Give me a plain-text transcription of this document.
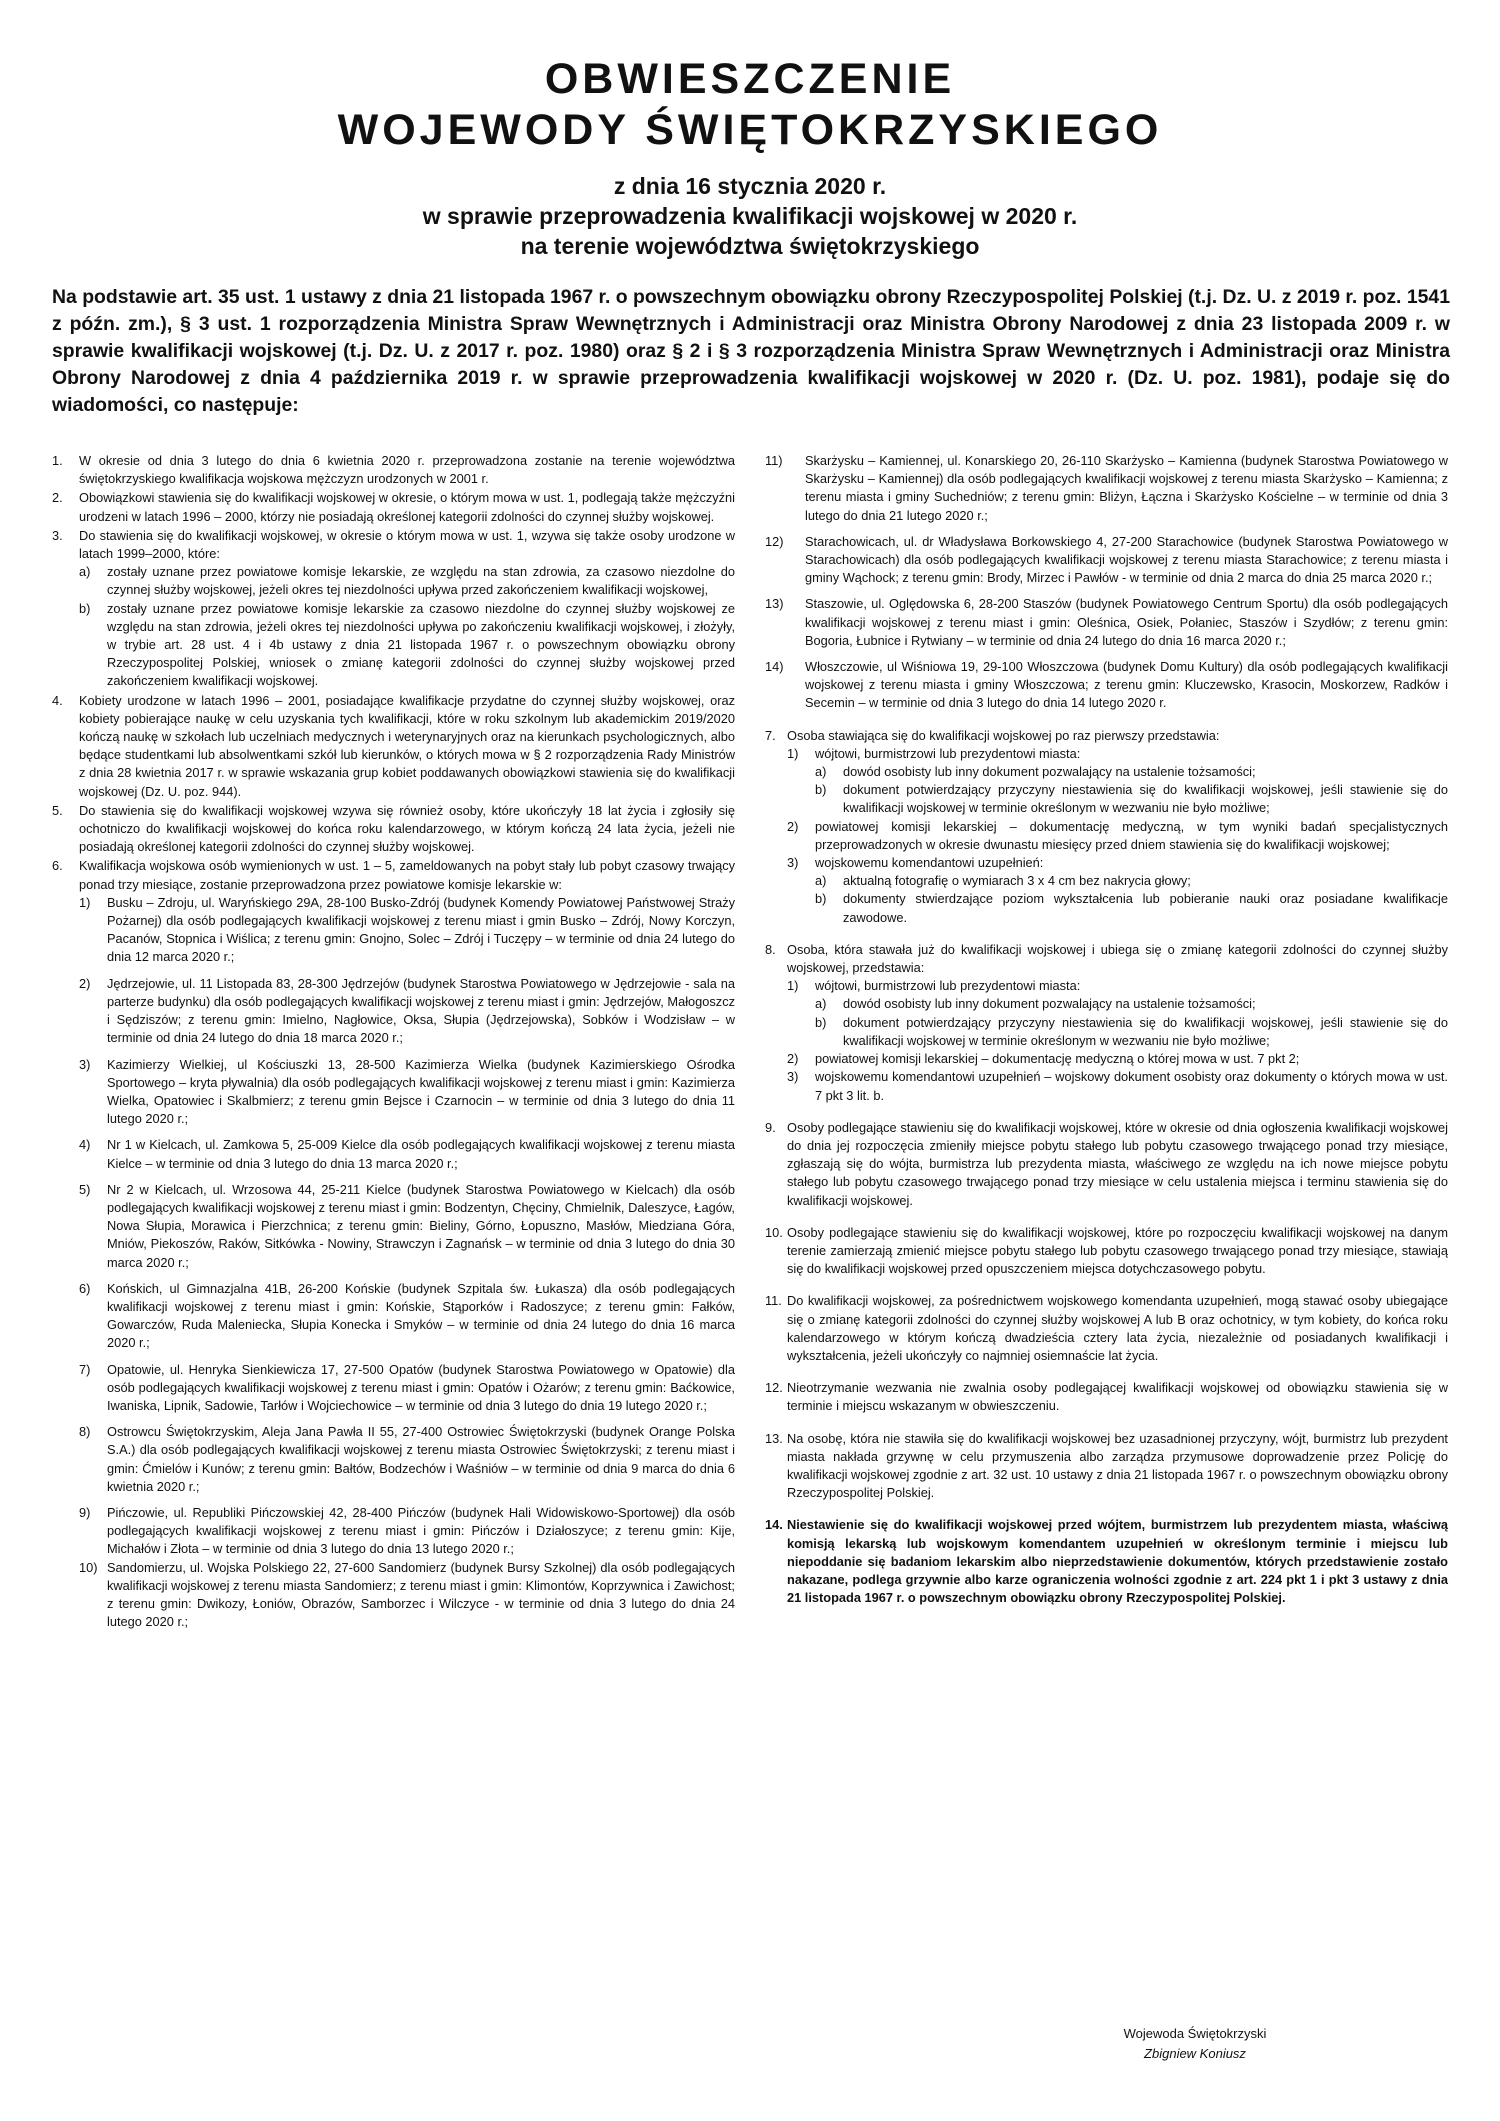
OBWIESZCZENIE
WOJEWODY ŚWIĘTOKRZYSKIEGO

z dnia 16 stycznia 2020 r.

w sprawie przeprowadzenia kwalifikacji wojskowej w 2020 r.

na terenie województwa świętokrzyskiego

Na podstawie art. 35 ust. 1 ustawy z dnia 21 listopada 1967 r. o powszechnym obowiązku obrony Rzeczypospolitej Polskiej (t.j. Dz. U. z 2019 r. poz. 1541 z późn. zm.), § 3 ust. 1 rozporządzenia Ministra Spraw Wewnętrznych i Administracji oraz Ministra Obrony Narodowej z dnia 23 listopada 2009 r. w sprawie kwalifikacji wojskowej (t.j. Dz. U. z 2017 r. poz. 1980) oraz § 2 i § 3 rozporządzenia Ministra Spraw Wewnętrznych i Administracji oraz Ministra Obrony Narodowej z dnia 4 października 2019 r. w sprawie przeprowadzenia kwalifikacji wojskowej w 2020 r. (Dz. U. poz. 1981), podaje się do wiadomości, co następuje:

1. W okresie od dnia 3 lutego do dnia 6 kwietnia 2020 r. przeprowadzona zostanie na terenie województwa świętokrzyskiego kwalifikacja wojskowa mężczyzn urodzonych w 2001 r.
2. Obowiązkowi stawienia się do kwalifikacji wojskowej w okresie, o którym mowa w ust. 1, podlegają także mężczyźni urodzeni w latach 1996 – 2000, którzy nie posiadają określonej kategorii zdolności do czynnej służby wojskowej.
3. Do stawienia się do kwalifikacji wojskowej, w okresie o którym mowa w ust. 1, wzywa się także osoby urodzone w latach 1999–2000, które:
a) zostały uznane przez powiatowe komisje lekarskie, ze względu na stan zdrowia, za czasowo niezdolne do czynnej służby wojskowej, jeżeli okres tej niezdolności upływa przed zakończeniem kwalifikacji wojskowej,
b) zostały uznane przez powiatowe komisje lekarskie za czasowo niezdolne do czynnej służby wojskowej ze względu na stan zdrowia, jeżeli okres tej niezdolności upływa po zakończeniu kwalifikacji wojskowej, i złożyły, w trybie art. 28 ust. 4 i 4b ustawy z dnia 21 listopada 1967 r. o powszechnym obowiązku obrony Rzeczypospolitej Polskiej, wniosek o zmianę kategorii zdolności do czynnej służby wojskowej przed zakończeniem kwalifikacji wojskowej.
4. Kobiety urodzone w latach 1996 – 2001, posiadające kwalifikacje przydatne do czynnej służby wojskowej, oraz kobiety pobierające naukę w celu uzyskania tych kwalifikacji, które w roku szkolnym lub akademickim 2019/2020 kończą naukę w szkołach lub uczelniach medycznych i weterynaryjnych oraz na kierunkach psychologicznych, albo będące studentkami lub absolwentkami szkół lub kierunków, o których mowa w § 2 rozporządzenia Rady Ministrów z dnia 28 kwietnia 2017 r. w sprawie wskazania grup kobiet poddawanych obowiązkowi stawienia się do kwalifikacji wojskowej (Dz. U. poz. 944).
5. Do stawienia się do kwalifikacji wojskowej wzywa się również osoby, które ukończyły 18 lat życia i zgłosiły się ochotniczo do kwalifikacji wojskowej do końca roku kalendarzowego, w którym kończą 24 lata życia, jeżeli nie posiadają określonej kategorii zdolności do czynnej służby wojskowej.
6. Kwalifikacja wojskowa osób wymienionych w ust. 1 – 5, zameldowanych na pobyt stały lub pobyt czasowy trwający ponad trzy miesiące, zostanie przeprowadzona przez powiatowe komisje lekarskie w:
1) Busku – Zdroju, ul. Waryńskiego 29A, 28-100 Busko-Zdrój (budynek Komendy Powiatowej Państwowej Straży Pożarnej) dla osób podlegających kwalifikacji wojskowej z terenu miast i gmin Busko – Zdrój, Nowy Korczyn, Pacanów, Stopnica i Wiślica; z terenu gmin: Gnojno, Solec – Zdrój i Tuczępy – w terminie od dnia 24 lutego do dnia 12 marca 2020 r.;
2) Jędrzejowie, ul. 11 Listopada 83, 28-300 Jędrzejów (budynek Starostwa Powiatowego w Jędrzejowie - sala na parterze budynku) dla osób podlegających kwalifikacji wojskowej z terenu miast i gmin: Jędrzejów, Małogoszcz i Sędziszów; z terenu gmin: Imielno, Nagłowice, Oksa, Słupia (Jędrzejowska), Sobków i Wodzisław – w terminie od dnia 24 lutego do dnia 18 marca 2020 r.;
3) Kazimierzy Wielkiej, ul Kościuszki 13, 28-500 Kazimierza Wielka (budynek Kazimierskiego Ośrodka Sportowego – kryta pływalnia) dla osób podlegających kwalifikacji wojskowej z terenu miast i gmin: Kazimierza Wielka, Opatowiec i Skalbmierz; z terenu gmin Bejsce i Czarnocin – w terminie od dnia 3 lutego do dnia 11 lutego 2020 r.;
4) Nr 1 w Kielcach, ul. Zamkowa 5, 25-009 Kielce dla osób podlegających kwalifikacji wojskowej z terenu miasta Kielce – w terminie od dnia 3 lutego do dnia 13 marca 2020 r.;
5) Nr 2 w Kielcach, ul. Wrzosowa 44, 25-211 Kielce (budynek Starostwa Powiatowego w Kielcach) dla osób podlegających kwalifikacji wojskowej z terenu miast i gmin: Bodzentyn, Chęciny, Chmielnik, Daleszyce, Łagów, Nowa Słupia, Morawica i Pierzchnica; z terenu gmin: Bieliny, Górno, Łopuszno, Masłów, Miedziana Góra, Mniów, Piekoszów, Raków, Sitkówka - Nowiny, Strawczyn i Zagnańsk – w terminie od dnia 3 lutego do dnia 30 marca 2020 r.;
6) Końskich, ul Gimnazjalna 41B, 26-200 Końskie (budynek Szpitala św. Łukasza) dla osób podlegających kwalifikacji wojskowej z terenu miast i gmin: Końskie, Stąporków i Radoszyce; z terenu gmin: Fałków, Gowarczów, Ruda Maleniecka, Słupia Konecka i Smyków – w terminie od dnia 24 lutego do dnia 16 marca 2020 r.;
7) Opatowie, ul. Henryka Sienkiewicza 17, 27-500 Opatów (budynek Starostwa Powiatowego w Opatowie) dla osób podlegających kwalifikacji wojskowej z terenu miast i gmin: Opatów i Ożarów; z terenu gmin: Baćkowice, Iwaniska, Lipnik, Sadowie, Tarłów i Wojciechowice – w terminie od dnia 3 lutego do dnia 19 lutego 2020 r.;
8) Ostrowcu Świętokrzyskim, Aleja Jana Pawła II 55, 27-400 Ostrowiec Świętokrzyski (budynek Orange Polska S.A.) dla osób podlegających kwalifikacji wojskowej z terenu miasta Ostrowiec Świętokrzyski; z terenu miast i gmin: Ćmielów i Kunów; z terenu gmin: Bałtów, Bodzechów i Waśniów – w terminie od dnia 9 marca do dnia 6 kwietnia 2020 r.;
9) Pińczowie, ul. Republiki Pińczowskiej 42, 28-400 Pińczów (budynek Hali Widowiskowo-Sportowej) dla osób podlegających kwalifikacji wojskowej z terenu miast i gmin: Pińczów i Działoszyce; z terenu gmin: Kije, Michałów i Złota – w terminie od dnia 3 lutego do dnia 13 lutego 2020 r.;
10) Sandomierzu, ul. Wojska Polskiego 22, 27-600 Sandomierz (budynek Bursy Szkolnej) dla osób podlegających kwalifikacji wojskowej z terenu miasta Sandomierz; z terenu miast i gmin: Klimontów, Koprzywnica i Zawichost; z terenu gmin: Dwikozy, Łoniów, Obrazów, Samborzec i Wilczyce - w terminie od dnia 3 lutego do dnia 24 lutego 2020 r.;
11) Skarżysku – Kamiennej, ul. Konarskiego 20, 26-110 Skarżysko – Kamienna (budynek Starostwa Powiatowego w Skarżysku – Kamiennej) dla osób podlegających kwalifikacji wojskowej z terenu miasta Skarżysko – Kamienna; z terenu miasta i gminy Suchedniów; z terenu gmin: Bliżyn, Łączna i Skarżysko Kościelne – w terminie od dnia 3 lutego do dnia 21 lutego 2020 r.;
12) Starachowicach, ul. dr Władysława Borkowskiego 4, 27-200 Starachowice (budynek Starostwa Powiatowego w Starachowicach) dla osób podlegających kwalifikacji wojskowej z terenu miasta Starachowice; z terenu miasta i gminy Wąchock; z terenu gmin: Brody, Mirzec i Pawłów - w terminie od dnia 2 marca do dnia 25 marca 2020 r.;
13) Staszowie, ul. Oględowska 6, 28-200 Staszów (budynek Powiatowego Centrum Sportu) dla osób podlegających kwalifikacji wojskowej z terenu miast i gmin: Oleśnica, Osiek, Połaniec, Staszów i Szydłów; z terenu gmin: Bogoria, Łubnice i Rytwiany – w terminie od dnia 24 lutego do dnia 16 marca 2020 r.;
14) Włoszczowie, ul Wiśniowa 19, 29-100 Włoszczowa (budynek Domu Kultury) dla osób podlegających kwalifikacji wojskowej z terenu miasta i gminy Włoszczowa; z terenu gmin: Kluczewsko, Krasocin, Moskorzew, Radków i Secemin – w terminie od dnia 3 lutego do dnia 14 lutego 2020 r.
7. Osoba stawiająca się do kwalifikacji wojskowej po raz pierwszy przedstawia:
1) wójtowi, burmistrzowi lub prezydentowi miasta:
a) dowód osobisty lub inny dokument pozwalający na ustalenie tożsamości;
b) dokument potwierdzający przyczyny niestawienia się do kwalifikacji wojskowej, jeśli stawienie się do kwalifikacji wojskowej w terminie określonym w wezwaniu nie było możliwe;
2) powiatowej komisji lekarskiej – dokumentację medyczną, w tym wyniki badań specjalistycznych przeprowadzonych w okresie dwunastu miesięcy przed dniem stawienia się do kwalifikacji wojskowej;
3) wojskowemu komendantowi uzupełnień:
a) aktualną fotografię o wymiarach 3 x 4 cm bez nakrycia głowy;
b) dokumenty stwierdzające poziom wykształcenia lub pobieranie nauki oraz posiadane kwalifikacje zawodowe.
8. Osoba, która stawała już do kwalifikacji wojskowej i ubiega się o zmianę kategorii zdolności do czynnej służby wojskowej, przedstawia:
1) wójtowi, burmistrzowi lub prezydentowi miasta:
a) dowód osobisty lub inny dokument pozwalający na ustalenie tożsamości;
b) dokument potwierdzający przyczyny niestawienia się do kwalifikacji wojskowej, jeśli stawienie się do kwalifikacji wojskowej w terminie określonym w wezwaniu nie było możliwe;
2) powiatowej komisji lekarskiej – dokumentację medyczną o której mowa w ust. 7 pkt 2;
3) wojskowemu komendantowi uzupełnień – wojskowy dokument osobisty oraz dokumenty o których mowa w ust. 7 pkt 3 lit. b.
9. Osoby podlegające stawieniu się do kwalifikacji wojskowej, które w okresie od dnia ogłoszenia kwalifikacji wojskowej do dnia jej rozpoczęcia zmieniły miejsce pobytu stałego lub pobytu czasowego trwającego ponad trzy miesiące, zgłaszają się do wójta, burmistrza lub prezydenta miasta, właściwego ze względu na ich nowe miejsce pobytu stałego lub pobytu czasowego trwającego ponad trzy miesiące w celu ustalenia miejsca i terminu stawienia się do kwalifikacji wojskowej.
10. Osoby podlegające stawieniu się do kwalifikacji wojskowej, które po rozpoczęciu kwalifikacji wojskowej na danym terenie zamierzają zmienić miejsce pobytu stałego lub pobytu czasowego trwającego ponad trzy miesiące, stawiają się do kwalifikacji wojskowej przed opuszczeniem miejsca dotychczasowego pobytu.
11. Do kwalifikacji wojskowej, za pośrednictwem wojskowego komendanta uzupełnień, mogą stawać osoby ubiegające się o zmianę kategorii zdolności do czynnej służby wojskowej A lub B oraz ochotnicy, w tym kobiety, do końca roku kalendarzowego w którym kończą dwadzieścia cztery lata życia, niezależnie od posiadanych kwalifikacji i wykształcenia, jeżeli ukończyły co najmniej osiemnaście lat życia.
12. Nieotrzymanie wezwania nie zwalnia osoby podlegającej kwalifikacji wojskowej od obowiązku stawienia się w terminie i miejscu wskazanym w obwieszczeniu.
13. Na osobę, która nie stawiła się do kwalifikacji wojskowej bez uzasadnionej przyczyny, wójt, burmistrz lub prezydent miasta nakłada grzywnę w celu przymuszenia albo zarządza przymusowe doprowadzenie przez Policję do kwalifikacji wojskowej zgodnie z art. 32 ust. 10 ustawy z dnia 21 listopada 1967 r. o powszechnym obowiązku obrony Rzeczypospolitej Polskiej.
14. Niestawienie się do kwalifikacji wojskowej przed wójtem, burmistrzem lub prezydentem miasta, właściwą komisją lekarską lub wojskowym komendantem uzupełnień w określonym terminie i miejscu lub niepoddanie się badaniom lekarskim albo nieprzedstawienie dokumentów, których przedstawienie zostało nakazane, podlega grzywnie albo karze ograniczenia wolności zgodnie z art. 224 pkt 1 i pkt 3 ustawy z dnia 21 listopada 1967 r. o powszechnym obowiązku obrony Rzeczypospolitej Polskiej.
Wojewoda Świętokrzyski
Zbigniew Koniusz
